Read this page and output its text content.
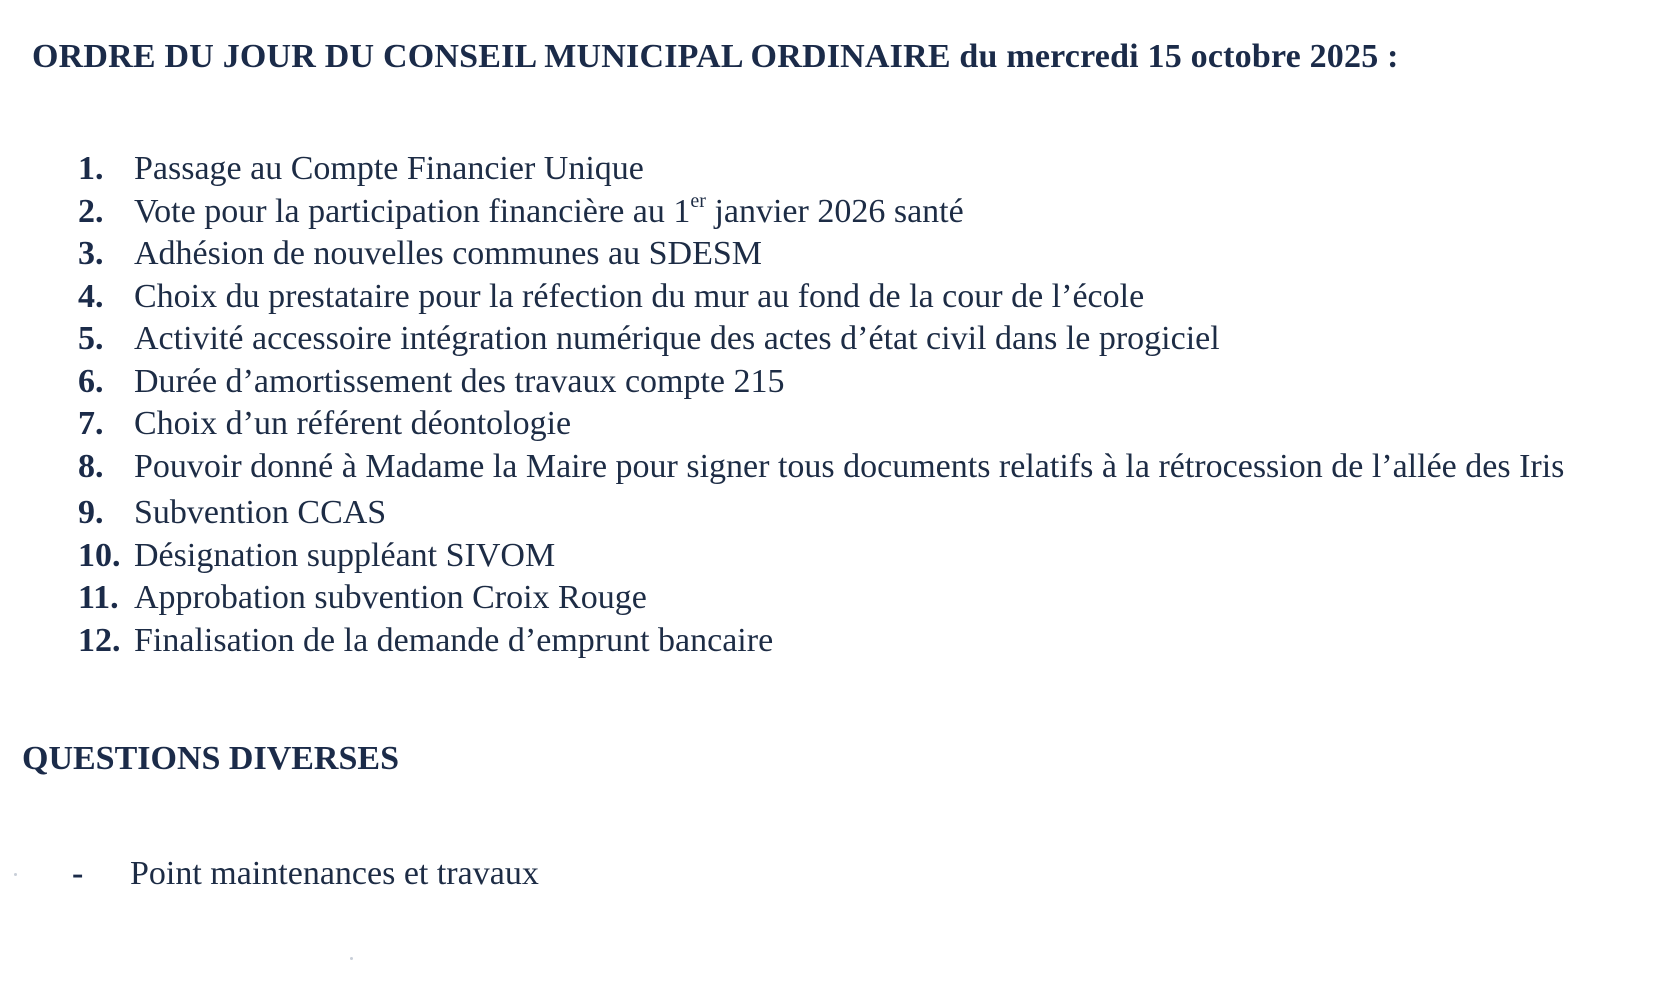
ORDRE DU JOUR DU CONSEIL MUNICIPAL ORDINAIRE du mercredi 15 octobre 2025 :
1. Passage au Compte Financier Unique
2. Vote pour la participation financière au 1er janvier 2026 santé
3. Adhésion de nouvelles communes au SDESM
4. Choix du prestataire pour la réfection du mur au fond de la cour de l’école
5. Activité accessoire intégration numérique des actes d’état civil dans le progiciel
6. Durée d’amortissement des travaux compte 215
7. Choix d’un référent déontologie
8. Pouvoir donné à Madame la Maire pour signer tous documents relatifs à la rétrocession de l’allée des Iris
9. Subvention CCAS
10. Désignation suppléant SIVOM
11. Approbation subvention Croix Rouge
12. Finalisation de la demande d’emprunt bancaire
QUESTIONS DIVERSES
-	Point maintenances et travaux
